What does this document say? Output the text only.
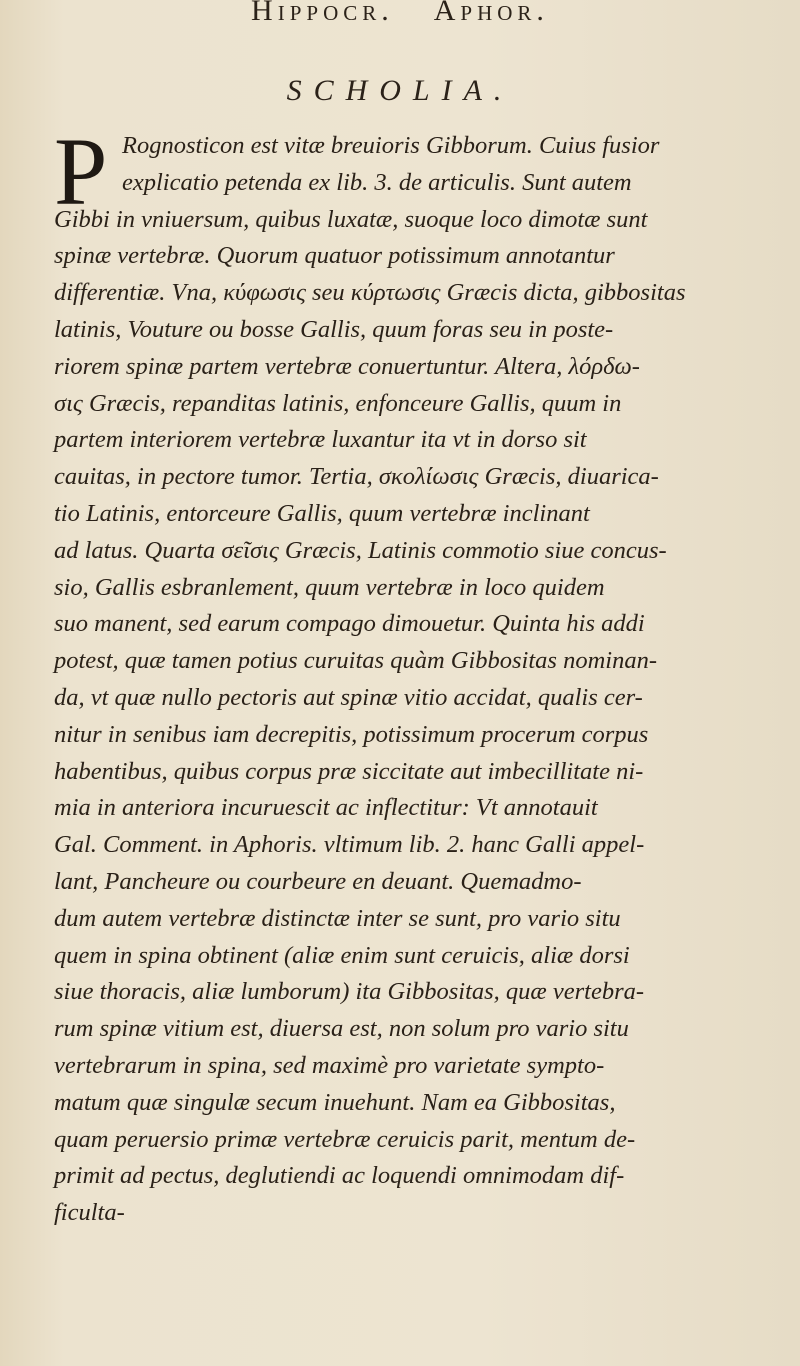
Hippocr. Aphor.
SCHOLIA.
P Rognosticon est vitæ breuioris Gibborum. Cuius fusior
explicatio petenda ex lib. 3. de articulis. Sunt autem
Gibbi in vniuersum, quibus luxatæ, suoque loco dimotæ sunt
spinæ vertebræ. Quorum quatuor potissimum annotantur
differentiæ. Vna, κύφωσις seu κύρτωσις Græcis dicta, gibbositas
latinis, Vouture ou bosse Gallis, quum foras seu in poste-
riorem spinæ partem vertebræ conuertuntur. Altera, λόρδω-
σις Græcis, repanditas latinis, enfonceure Gallis, quum in
partem interiorem vertebræ luxantur ita vt in dorso sit
cauitas, in pectore tumor. Tertia, σκολίωσις Græcis, diuarica-
tio Latinis, entorceure Gallis, quum vertebræ inclinant
ad latus. Quarta σεῖσις Græcis, Latinis commotio siue concus-
sio, Gallis esbranlement, quum vertebræ in loco quidem
suo manent, sed earum compago dimouetur. Quinta his addi
potest, quæ tamen potius curuitas quàm Gibbositas nominan-
da, vt quæ nullo pectoris aut spinæ vitio accidat, qualis cer-
nitur in senibus iam decrepitis, potissimum procerum corpus
habentibus, quibus corpus præ siccitate aut imbecillitate ni-
mia in anteriora incuruescit ac inflectitur: Vt annotauit
Gal. Comment. in Aphoris. vltimum lib. 2. hanc Galli appel-
lant, Pancheure ou courbeure en deuant. Quemadmo-
dum autem vertebræ distinctæ inter se sunt, pro vario situ
quem in spina obtinent (aliæ enim sunt ceruicis, aliæ dorsi
siue thoracis, aliæ lumborum) ita Gibbositas, quæ vertebra-
rum spinæ vitium est, diuersa est, non solum pro vario situ
vertebrarum in spina, sed maximè pro varietate sympto-
matum quæ singulæ secum inuehunt. Nam ea Gibbositas,
quam peruersio primæ vertebræ ceruicis parit, mentum de-
primit ad pectus, deglutiendi ac loquendi omnimodam dif-
ficulta-
